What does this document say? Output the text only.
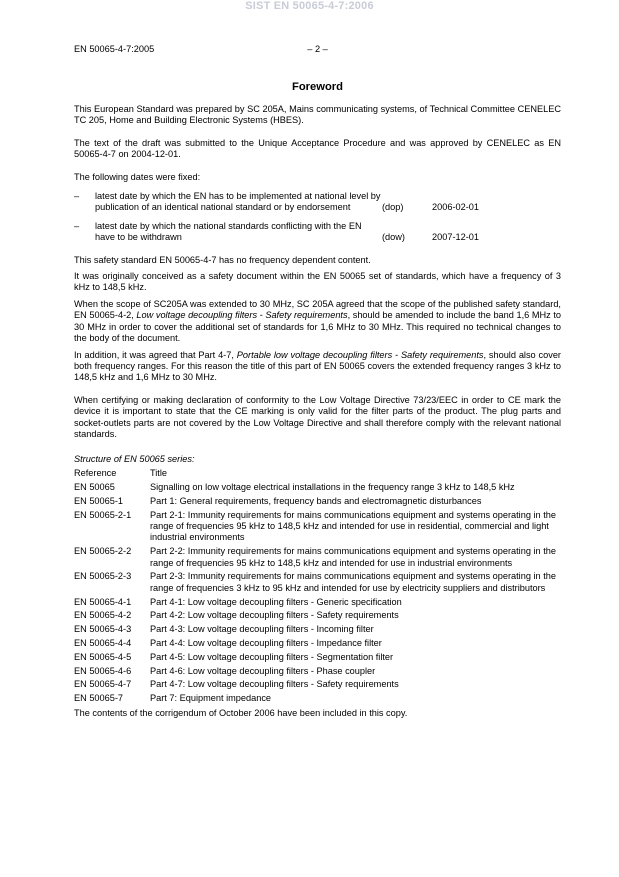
SIST EN 50065-4-7:2006
EN 50065-4-7:2005	– 2 –
Foreword

This European Standard was prepared by SC 205A, Mains communicating systems, of Technical Committee CENELEC TC 205, Home and Building Electronic Systems (HBES).

The text of the draft was submitted to the Unique Acceptance Procedure and was approved by CENELEC as EN 50065-4-7 on 2004-12-01.

The following dates were fixed:

–	latest date by which the EN has to be implemented at national level by publication of an identical national standard or by endorsement	(dop)	2006-02-01
–	latest date by which the national standards conflicting with the EN have to be withdrawn	(dow)	2007-12-01

This safety standard EN 50065-4-7 has no frequency dependent content.

It was originally conceived as a safety document within the EN 50065 set of standards, which have a frequency of 3 kHz to 148,5 kHz.

When the scope of SC205A was extended to 30 MHz, SC 205A agreed that the scope of the published safety standard, EN 50065-4-2, Low voltage decoupling filters - Safety requirements, should be amended to include the band 1,6 MHz to 30 MHz in order to cover the additional set of standards for 1,6 MHz to 30 MHz. This required no technical changes to the body of the document.

In addition, it was agreed that Part 4-7, Portable low voltage decoupling filters - Safety requirements, should also cover both frequency ranges. For this reason the title of this part of EN 50065 covers the extended frequency ranges 3 kHz to 148,5 kHz and 1,6 MHz to 30 MHz.

When certifying or making declaration of conformity to the Low Voltage Directive 73/23/EEC in order to CE mark the device it is important to state that the CE marking is only valid for the filter parts of the product. The plug parts and socket-outlets parts are not covered by the Low Voltage Directive and shall therefore comply with the relevant national standards.

Structure of EN 50065 series:
Reference	Title
EN 50065	Signalling on low voltage electrical installations in the frequency range 3 kHz to 148,5 kHz
EN 50065-1	Part 1: General requirements, frequency bands and electromagnetic disturbances
EN 50065-2-1	Part 2-1: Immunity requirements for mains communications equipment and systems operating in the range of frequencies 95 kHz to 148,5 kHz and intended for use in residential, commercial and light industrial environments
EN 50065-2-2	Part 2-2: Immunity requirements for mains communications equipment and systems operating in the range of frequencies 95 kHz to 148,5 kHz and intended for use in industrial environments
EN 50065-2-3	Part 2-3: Immunity requirements for mains communications equipment and systems operating in the range of frequencies 3 kHz to 95 kHz and intended for use by electricity suppliers and distributors
EN 50065-4-1	Part 4-1: Low voltage decoupling filters - Generic specification
EN 50065-4-2	Part 4-2: Low voltage decoupling filters - Safety requirements
EN 50065-4-3	Part 4-3: Low voltage decoupling filters - Incoming filter
EN 50065-4-4	Part 4-4: Low voltage decoupling filters - Impedance filter
EN 50065-4-5	Part 4-5: Low voltage decoupling filters - Segmentation filter
EN 50065-4-6	Part 4-6: Low voltage decoupling filters - Phase coupler
EN 50065-4-7	Part 4-7: Low voltage decoupling filters - Safety requirements
EN 50065-7	Part 7: Equipment impedance

The contents of the corrigendum of October 2006 have been included in this copy.
